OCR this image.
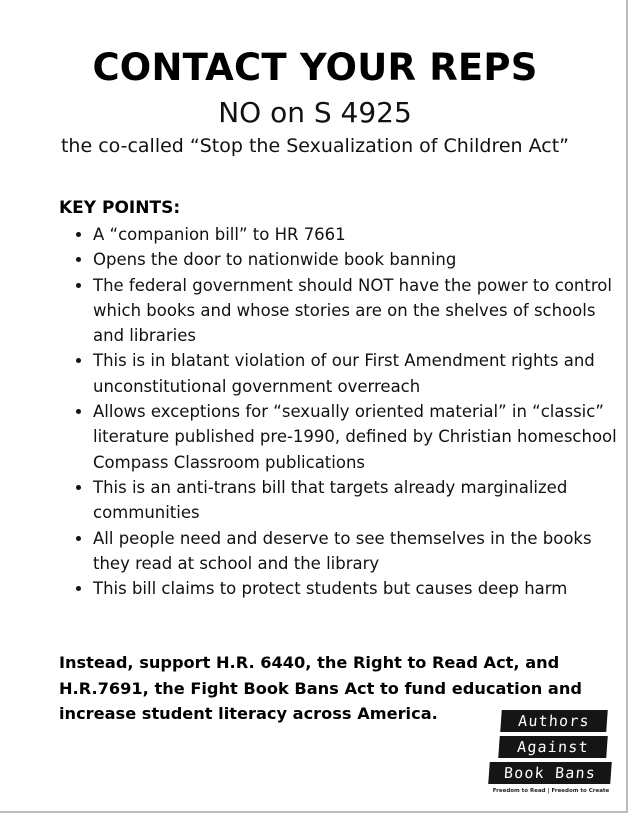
CONTACT YOUR REPS
NO on S 4925
the co-called “Stop the Sexualization of Children Act”
KEY POINTS:
• A “companion bill” to HR 7661
• Opens the door to nationwide book banning
• The federal government should NOT have the power to control which books and whose stories are on the shelves of schools and libraries
• This is in blatant violation of our First Amendment rights and unconstitutional government overreach
• Allows exceptions for “sexually oriented material” in “classic” literature published pre-1990, defined by Christian homeschool Compass Classroom publications
• This is an anti-trans bill that targets already marginalized communities
• All people need and deserve to see themselves in the books they read at school and the library
• This bill claims to protect students but causes deep harm
Instead, support H.R. 6440, the Right to Read Act, and H.R.7691, the Fight Book Bans Act to fund education and increase student literacy across America.	Authors
Against
Book Bans
Freedom to Read | Freedom to Create
